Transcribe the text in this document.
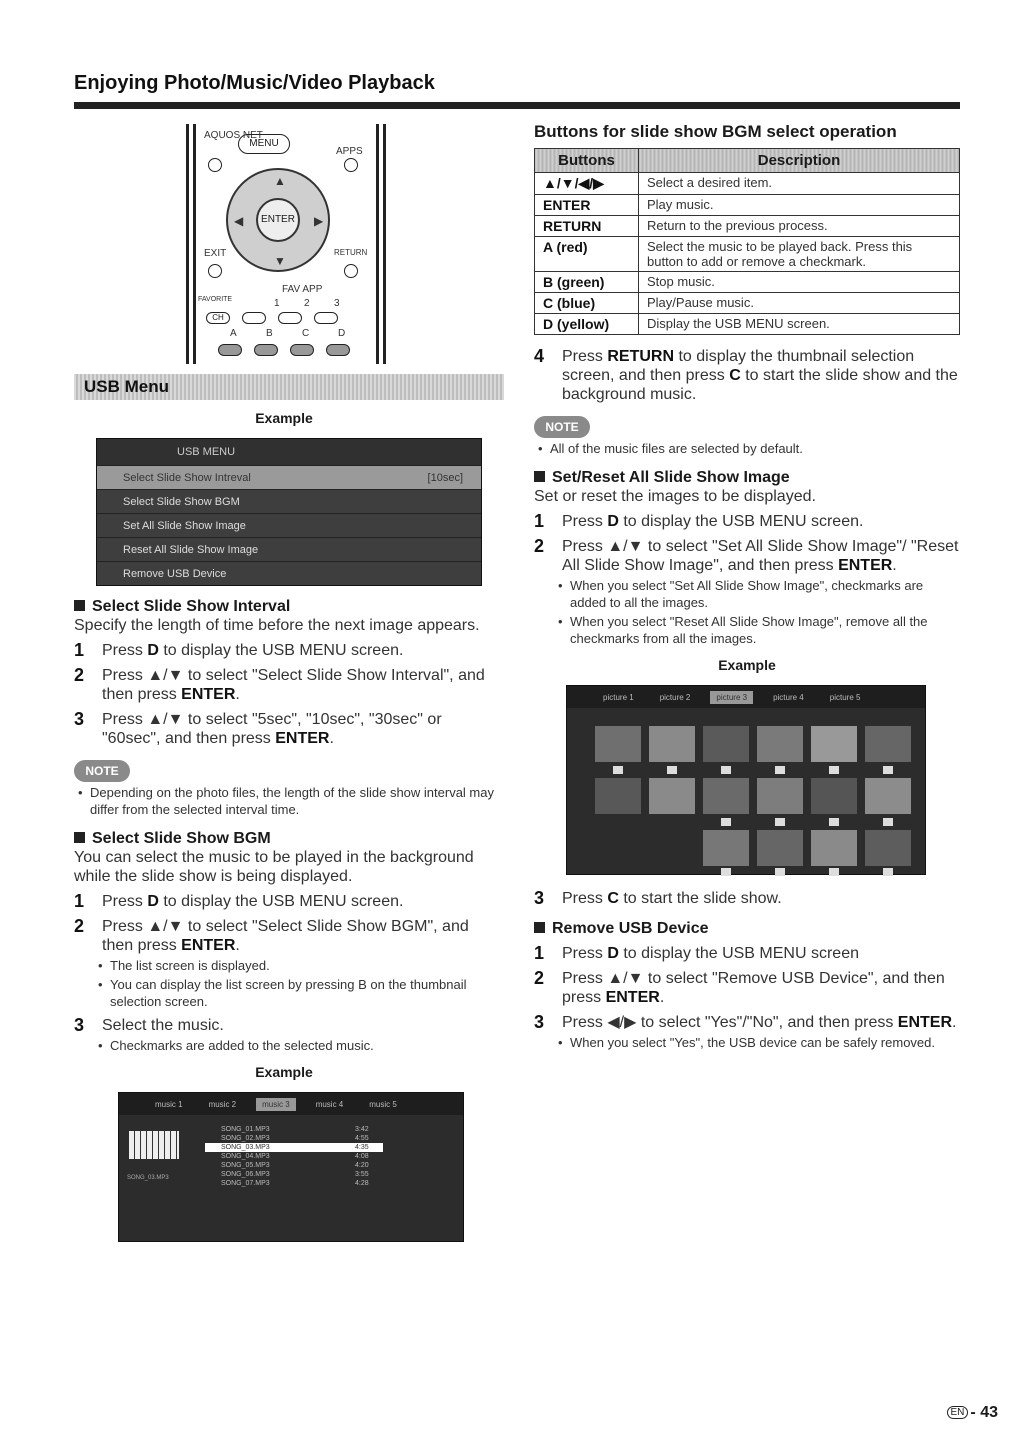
Enjoying Photo/Music/Video Playback
AQUOS NET
MENU
APPS
▲
▼
◀	▶
ENTER
EXIT	RETURN
FAV APP
FAVORITE	1 2 3
CH
A	B	C	D
USB Menu
Example
USB MENU
Select Slide Show Intreval	[10sec]
Select Slide Show BGM
Set All Slide Show Image
Reset All Slide Show Image
Remove USB Device
Select Slide Show Interval
Specify the length of time before the next image appears.
1 Press D to display the USB MENU screen.
2 Press ▲/▼ to select "Select Slide Show Interval", and then press ENTER.
3 Press ▲/▼ to select "5sec", "10sec", "30sec" or "60sec", and then press ENTER.
NOTE
• Depending on the photo files, the length of the slide show interval may differ from the selected interval time.
Select Slide Show BGM
You can select the music to be played in the background while the slide show is being displayed.
1 Press D to display the USB MENU screen.
2 Press ▲/▼ to select "Select Slide Show BGM", and then press ENTER.
• The list screen is displayed.
• You can display the list screen by pressing B on the thumbnail selection screen.
3 Select the music.
• Checkmarks are added to the selected music.
Example
music 1	music 2	music 3	music 4	music 5
SONG_03.MP3
SONG_01.MP3	3:42
SONG_02.MP3	4:55
SONG_03.MP3	4:35
SONG_04.MP3	4:08
SONG_05.MP3	4:20
SONG_06.MP3	3:55
SONG_07.MP3	4:28
Buttons for slide show BGM select operation
Buttons	Description
▲/▼/◀/▶	Select a desired item.
ENTER	Play music.
RETURN	Return to the previous process.
A (red)	Select the music to be played back. Press this button to add or remove a checkmark.
B (green)	Stop music.
C (blue)	Play/Pause music.
D (yellow)	Display the USB MENU screen.
4 Press RETURN to display the thumbnail selection screen, and then press C to start the slide show and the background music.
NOTE
• All of the music files are selected by default.
Set/Reset All Slide Show Image
Set or reset the images to be displayed.
1 Press D to display the USB MENU screen.
2 Press ▲/▼ to select "Set All Slide Show Image"/ "Reset All Slide Show Image", and then press ENTER.
• When you select "Set All Slide Show Image", checkmarks are added to all the images.
• When you select "Reset All Slide Show Image", remove all the checkmarks from all the images.
Example
picture 1	picture 2	picture 3	picture 4	picture 5
3 Press C to start the slide show.
Remove USB Device
1 Press D to display the USB MENU screen
2 Press ▲/▼ to select "Remove USB Device", and then press ENTER.
3 Press ◀/▶ to select "Yes"/"No", and then press ENTER.
• When you select "Yes", the USB device can be safely removed.
EN - 43
